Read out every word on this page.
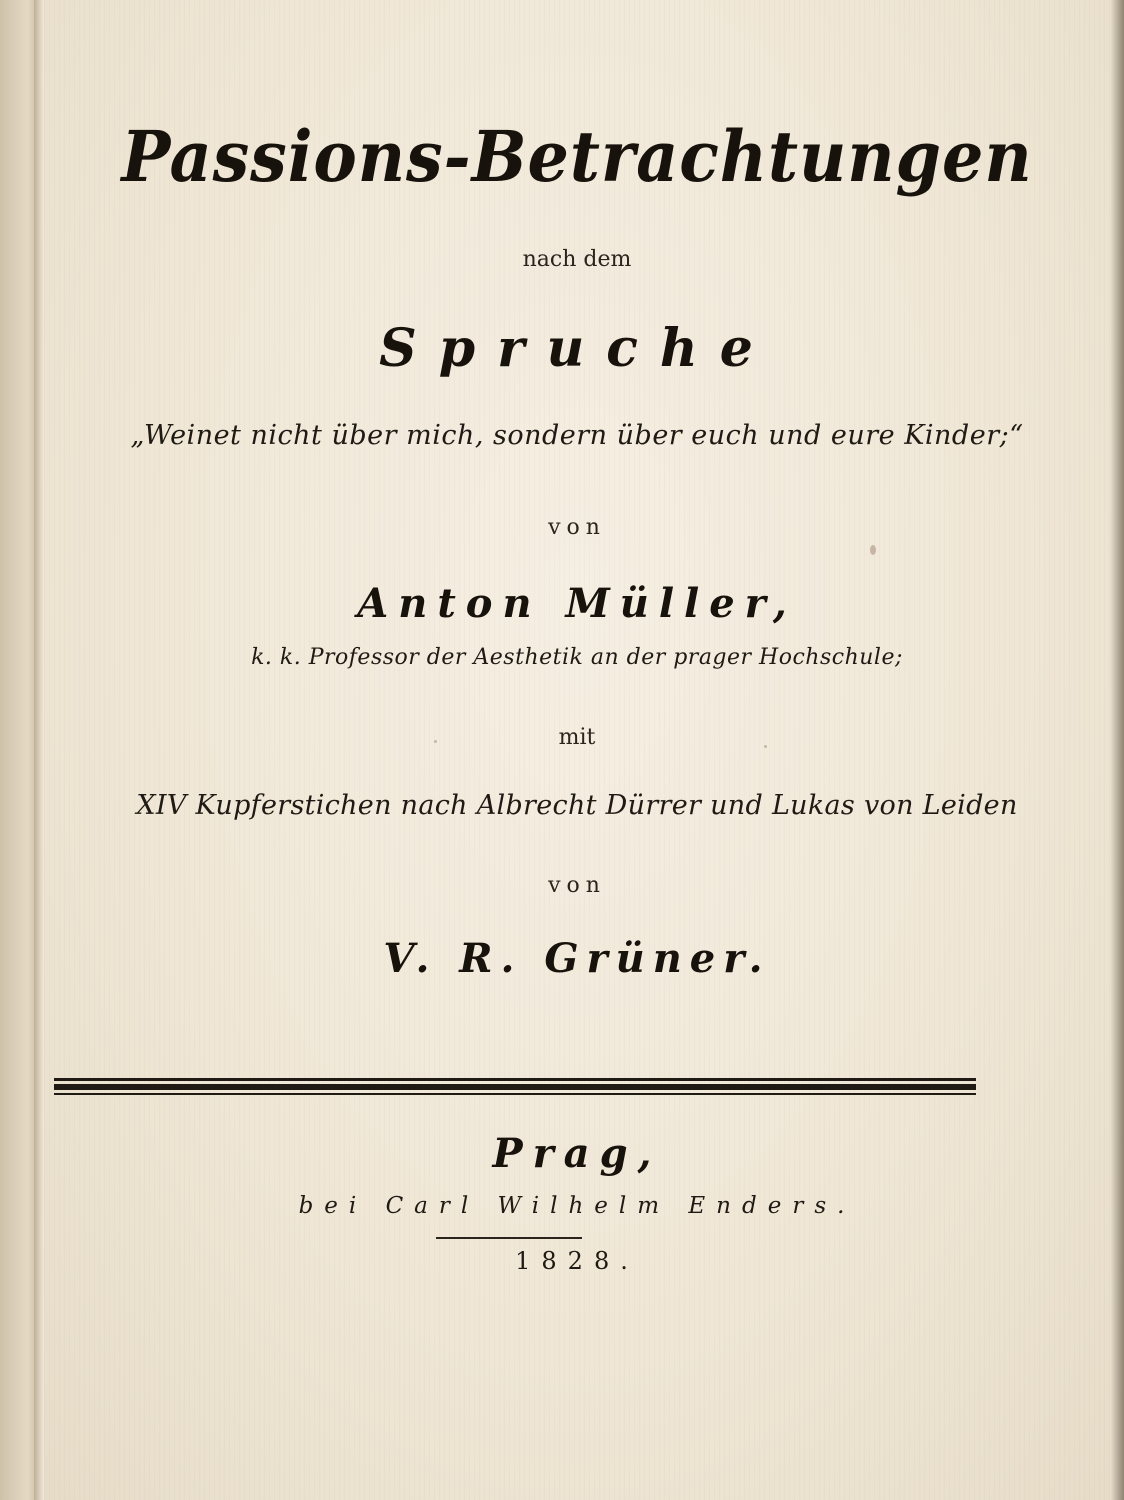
Passions-Betrachtungen
nach dem
Spruche
„Weinet nicht über mich, sondern über euch und eure Kinder;“
von
Anton Müller,
k. k. Professor der Aesthetik an der prager Hochschule;
mit
XIV Kupferstichen nach Albrecht Dürrer und Lukas von Leiden
von
V. R. Grüner.
Prag,
bei Carl Wilhelm Enders.
1828.
